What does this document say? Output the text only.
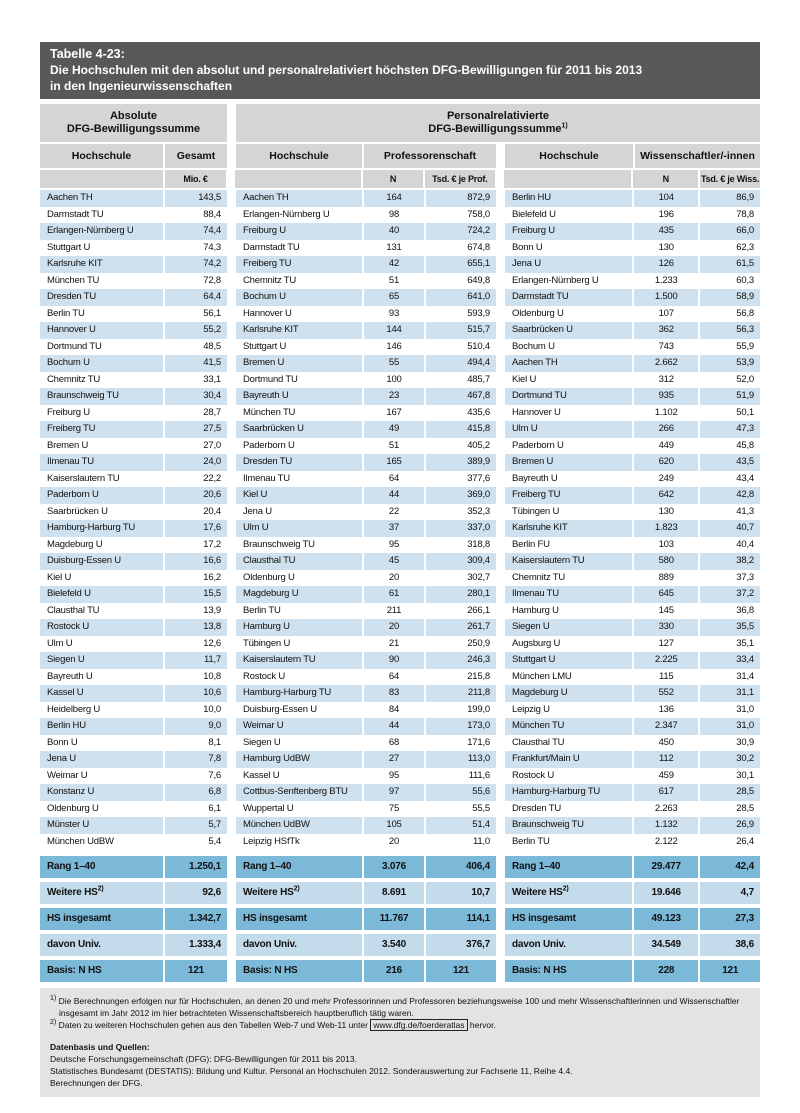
Tabelle 4-23:
Die Hochschulen mit den absolut und personalrelativiert höchsten DFG-Bewilligungen für 2011 bis 2013
in den Ingenieurwissenschaften
Absolute
DFG-Bewilligungssumme
Personalrelativierte
DFG-Bewilligungssumme$^{1)}$
Hochschule	Gesamt	Hochschule	Professorenschaft	Hochschule	Wissenschaftler/-innen
Mio. €	N	Tsd. € je Prof.	N	Tsd. € je Wiss.
Aachen TH	143,5
Darmstadt TU	88,4
Erlangen-Nürnberg U	74,4
Stuttgart U	74,3
Karlsruhe KIT	74,2
München TU	72,8
Dresden TU	64,4
Berlin TU	56,1
Hannover U	55,2
Dortmund TU	48,5
Bochum U	41,5
Chemnitz TU	33,1
Braunschweig TU	30,4
Freiburg U	28,7
Freiberg TU	27,5
Bremen U	27,0
Ilmenau TU	24,0
Kaiserslautern TU	22,2
Paderborn U	20,6
Saarbrücken U	20,4
Hamburg-Harburg TU	17,6
Magdeburg U	17,2
Duisburg-Essen U	16,6
Kiel U	16,2
Bielefeld U	15,5
Clausthal TU	13,9
Rostock U	13,8
Ulm U	12,6
Siegen U	11,7
Bayreuth U	10,8
Kassel U	10,6
Heidelberg U	10,0
Berlin HU	9,0
Bonn U	8,1
Jena U	7,8
Weimar U	7,6
Konstanz U	6,8
Oldenburg U	6,1
Münster U	5,7
München UdBW	5,4
Rang 1–40	1.250,1
Weitere HS$^{2)}$	92,6
HS insgesamt	1.342,7
davon Univ.	1.333,4
Basis: N HS	121
Aachen TH	164	872,9
Erlangen-Nürnberg U	98	758,0
Freiburg U	40	724,2
Darmstadt TU	131	674,8
Freiberg TU	42	655,1
Chemnitz TU	51	649,8
Bochum U	65	641,0
Hannover U	93	593,9
Karlsruhe KIT	144	515,7
Stuttgart U	146	510,4
Bremen U	55	494,4
Dortmund TU	100	485,7
Bayreuth U	23	467,8
München TU	167	435,6
Saarbrücken U	49	415,8
Paderborn U	51	405,2
Dresden TU	165	389,9
Ilmenau TU	64	377,6
Kiel U	44	369,0
Jena U	22	352,3
Ulm U	37	337,0
Braunschweig TU	95	318,8
Clausthal TU	45	309,4
Oldenburg U	20	302,7
Magdeburg U	61	280,1
Berlin TU	211	266,1
Hamburg U	20	261,7
Tübingen U	21	250,9
Kaiserslautern TU	90	246,3
Rostock U	64	215,8
Hamburg-Harburg TU	83	211,8
Duisburg-Essen U	84	199,0
Weimar U	44	173,0
Siegen U	68	171,6
Hamburg UdBW	27	113,0
Kassel U	95	111,6
Cottbus-Senftenberg BTU	97	55,6
Wuppertal U	75	55,5
München UdBW	105	51,4
Leipzig HSfTk	20	11,0
Rang 1–40	3.076	406,4
Weitere HS$^{2)}$	8.691	10,7
HS insgesamt	11.767	114,1
davon Univ.	3.540	376,7
Basis: N HS	216	121
Berlin HU	104	86,9
Bielefeld U	196	78,8
Freiburg U	435	66,0
Bonn U	130	62,3
Jena U	126	61,5
Erlangen-Nürnberg U	1.233	60,3
Darmstadt TU	1.500	58,9
Oldenburg U	107	56,8
Saarbrücken U	362	56,3
Bochum U	743	55,9
Aachen TH	2.662	53,9
Kiel U	312	52,0
Dortmund TU	935	51,9
Hannover U	1.102	50,1
Ulm U	266	47,3
Paderborn U	449	45,8
Bremen U	620	43,5
Bayreuth U	249	43,4
Freiberg TU	642	42,8
Tübingen U	130	41,3
Karlsruhe KIT	1.823	40,7
Berlin FU	103	40,4
Kaiserslautern TU	580	38,2
Chemnitz TU	889	37,3
Ilmenau TU	645	37,2
Hamburg U	145	36,8
Siegen U	330	35,5
Augsburg U	127	35,1
Stuttgart U	2.225	33,4
München LMU	115	31,4
Magdeburg U	552	31,1
Leipzig U	136	31,0
München TU	2.347	31,0
Clausthal TU	450	30,9
Frankfurt/Main U	112	30,2
Rostock U	459	30,1
Hamburg-Harburg TU	617	28,5
Dresden TU	2.263	28,5
Braunschweig TU	1.132	26,9
Berlin TU	2.122	26,4
Rang 1–40	29.477	42,4
Weitere HS$^{2)}$	19.646	4,7
HS insgesamt	49.123	27,3
davon Univ.	34.549	38,6
Basis: N HS	228	121
$^{1)}$ Die Berechnungen erfolgen nur für Hochschulen, an denen 20 und mehr Professorinnen und Professoren beziehungsweise 100 und mehr Wissenschaftlerinnen und Wissenschaftler insgesamt im Jahr 2012 im hier betrachteten Wissenschaftsbereich hauptberuflich tätig waren.
$^{2)}$ Daten zu weiteren Hochschulen gehen aus den Tabellen Web-7 und Web-11 unter www.dfg.de/foerderatlas hervor.
Datenbasis und Quellen:
Deutsche Forschungsgemeinschaft (DFG): DFG-Bewilligungen für 2011 bis 2013.
Statistisches Bundesamt (DESTATIS): Bildung und Kultur. Personal an Hochschulen 2012. Sonderauswertung zur Fachserie 11, Reihe 4.4.
Berechnungen der DFG.
